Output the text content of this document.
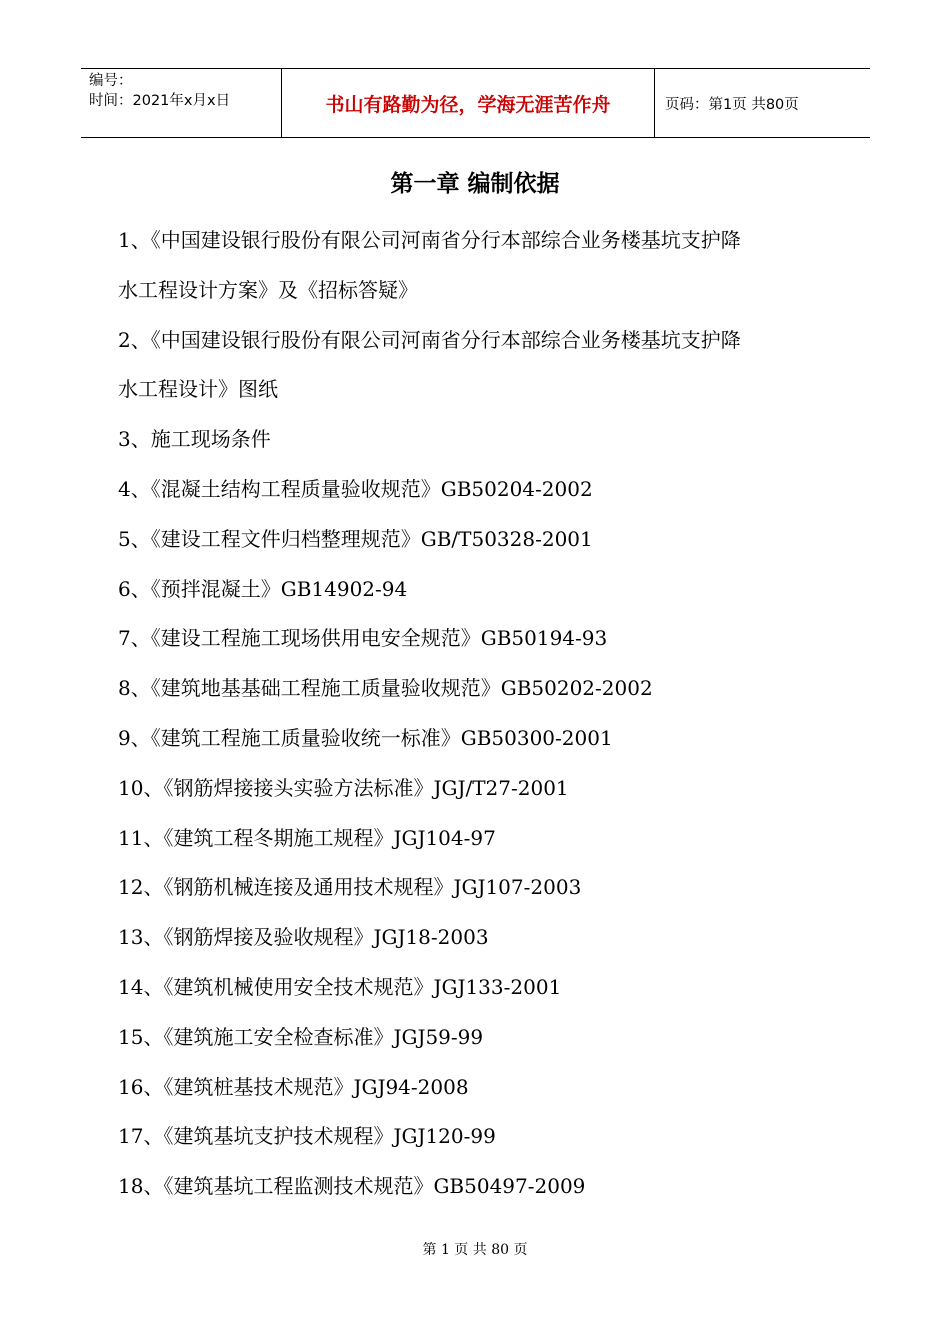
编号：
时间：2021年x月x日	书山有路勤为径，学海无涯苦作舟	页码：第1页 共80页
第一章 编制依据
1、《中国建设银行股份有限公司河南省分行本部综合业务楼基坑支护降
水工程设计方案》及《招标答疑》
2、《中国建设银行股份有限公司河南省分行本部综合业务楼基坑支护降
水工程设计》图纸
3、施工现场条件
4、《混凝土结构工程质量验收规范》GB50204-2002
5、《建设工程文件归档整理规范》GB/T50328-2001
6、《预拌混凝土》GB14902-94
7、《建设工程施工现场供用电安全规范》GB50194-93
8、《建筑地基基础工程施工质量验收规范》GB50202-2002
9、《建筑工程施工质量验收统一标准》GB50300-2001
10、《钢筋焊接接头实验方法标准》JGJ/T27-2001
11、《建筑工程冬期施工规程》JGJ104-97
12、《钢筋机械连接及通用技术规程》JGJ107-2003
13、《钢筋焊接及验收规程》JGJ18-2003
14、《建筑机械使用安全技术规范》JGJ133-2001
15、《建筑施工安全检查标准》JGJ59-99
16、《建筑桩基技术规范》JGJ94-2008
17、《建筑基坑支护技术规程》JGJ120-99
18、《建筑基坑工程监测技术规范》GB50497-2009
第 1 页 共 80 页
